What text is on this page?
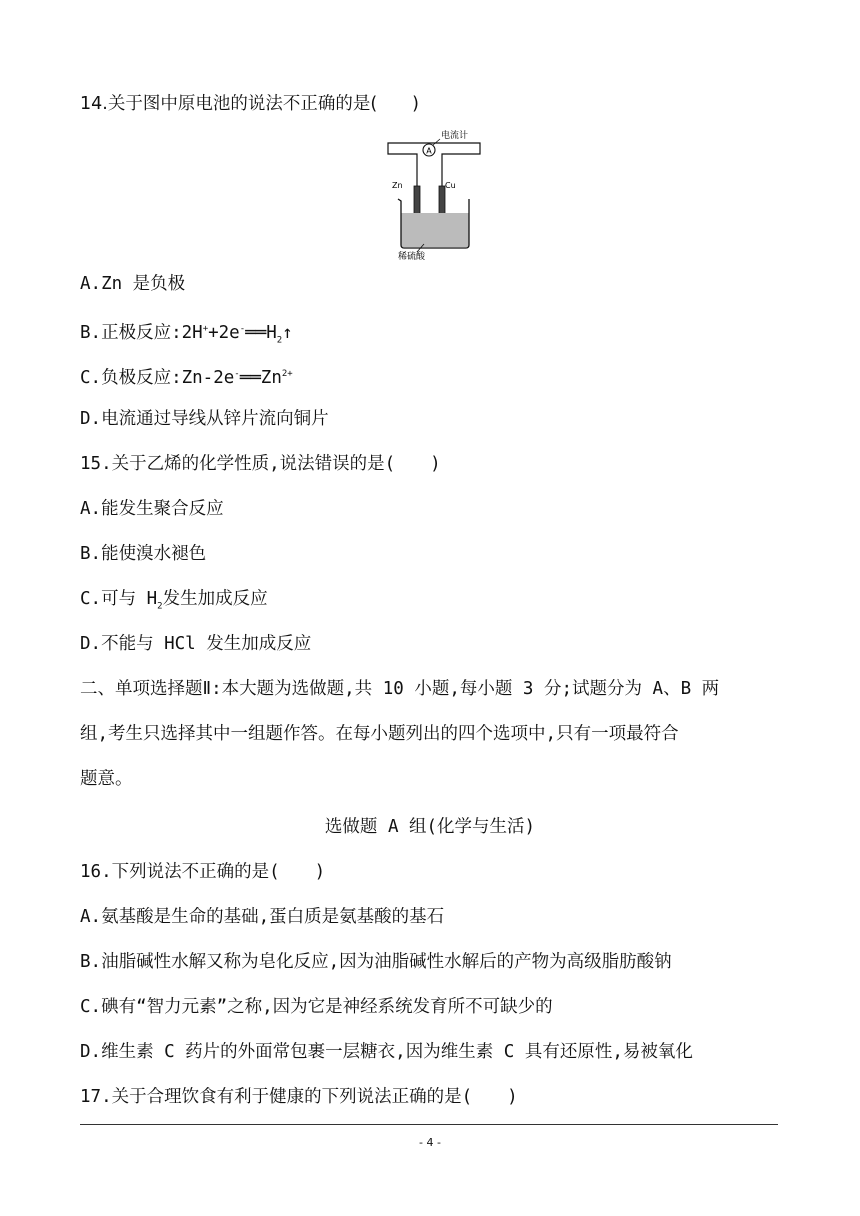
14.关于图中原电池的说法不正确的是(　　)
A
电流计
Zn	Cu
稀硫酸
A.Zn 是负极
B.正极反应$:2H^++2e^-══H_2↑$
C.负极反应$:Zn-2e^-══Zn^{2+}$
D.电流通过导线从锌片流向铜片
15.关于乙烯的化学性质,说法错误的是(　　)
A.能发生聚合反应
B.能使溴水褪色
C.可与 $H_2$发生加成反应
D.不能与 HCl 发生加成反应
二、单项选择题Ⅱ:本大题为选做题,共 10 小题,每小题 3 分;试题分为 A、B 两
组,考生只选择其中一组题作答。在每小题列出的四个选项中,只有一项最符合
题意。
选做题 A 组(化学与生活)
16.下列说法不正确的是(　　)
A.氨基酸是生命的基础,蛋白质是氨基酸的基石
B.油脂碱性水解又称为皂化反应,因为油脂碱性水解后的产物为高级脂肪酸钠
C.碘有“智力元素”之称,因为它是神经系统发育所不可缺少的
D.维生素 C 药片的外面常包裹一层糖衣,因为维生素 C 具有还原性,易被氧化
17.关于合理饮食有利于健康的下列说法正确的是(　　)
- 4 -
